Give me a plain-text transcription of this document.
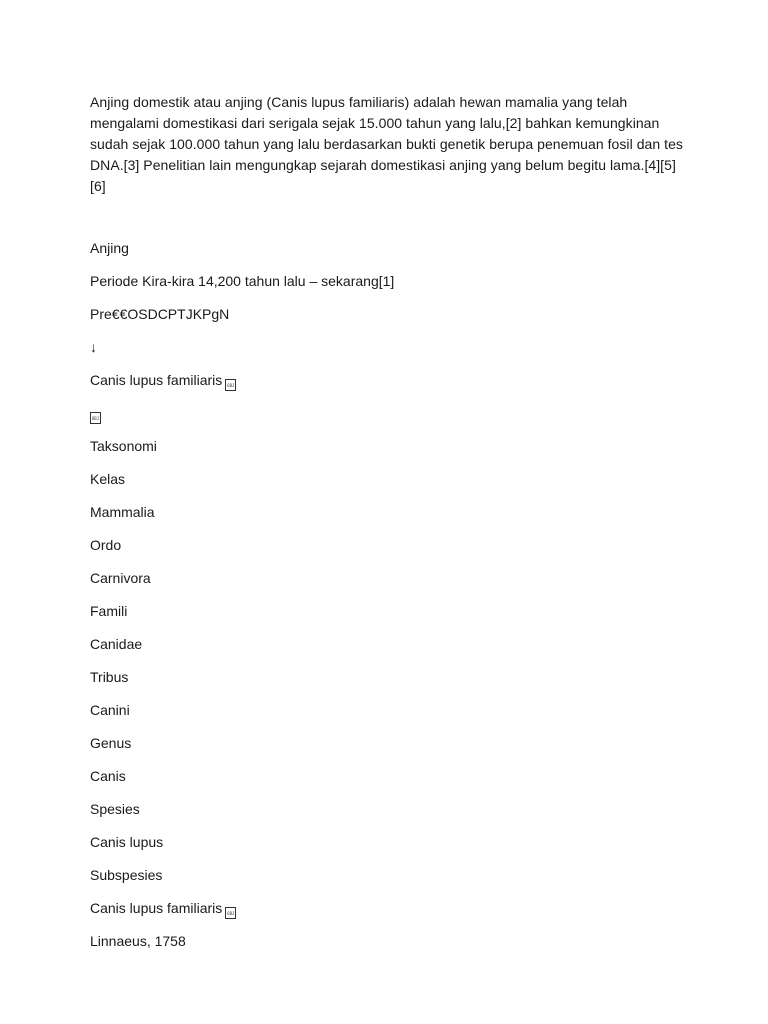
Anjing domestik atau anjing (Canis lupus familiaris) adalah hewan mamalia yang telah mengalami domestikasi dari serigala sejak 15.000 tahun yang lalu,[2] bahkan kemungkinan sudah sejak 100.000 tahun yang lalu berdasarkan bukti genetik berupa penemuan fosil dan tes DNA.[3] Penelitian lain mengungkap sejarah domestikasi anjing yang belum begitu lama.[4][5][6]

Anjing
Periode Kira-kira 14,200 tahun lalu – sekarang[1]
Pre€€OSDCPTJKPgN
↓
Canis lupus familiaris OBJ
OBJ
Taksonomi
Kelas
Mammalia
Ordo
Carnivora
Famili
Canidae
Tribus
Canini
Genus
Canis
Spesies
Canis lupus
Subspesies
Canis lupus familiaris OBJ
Linnaeus, 1758
